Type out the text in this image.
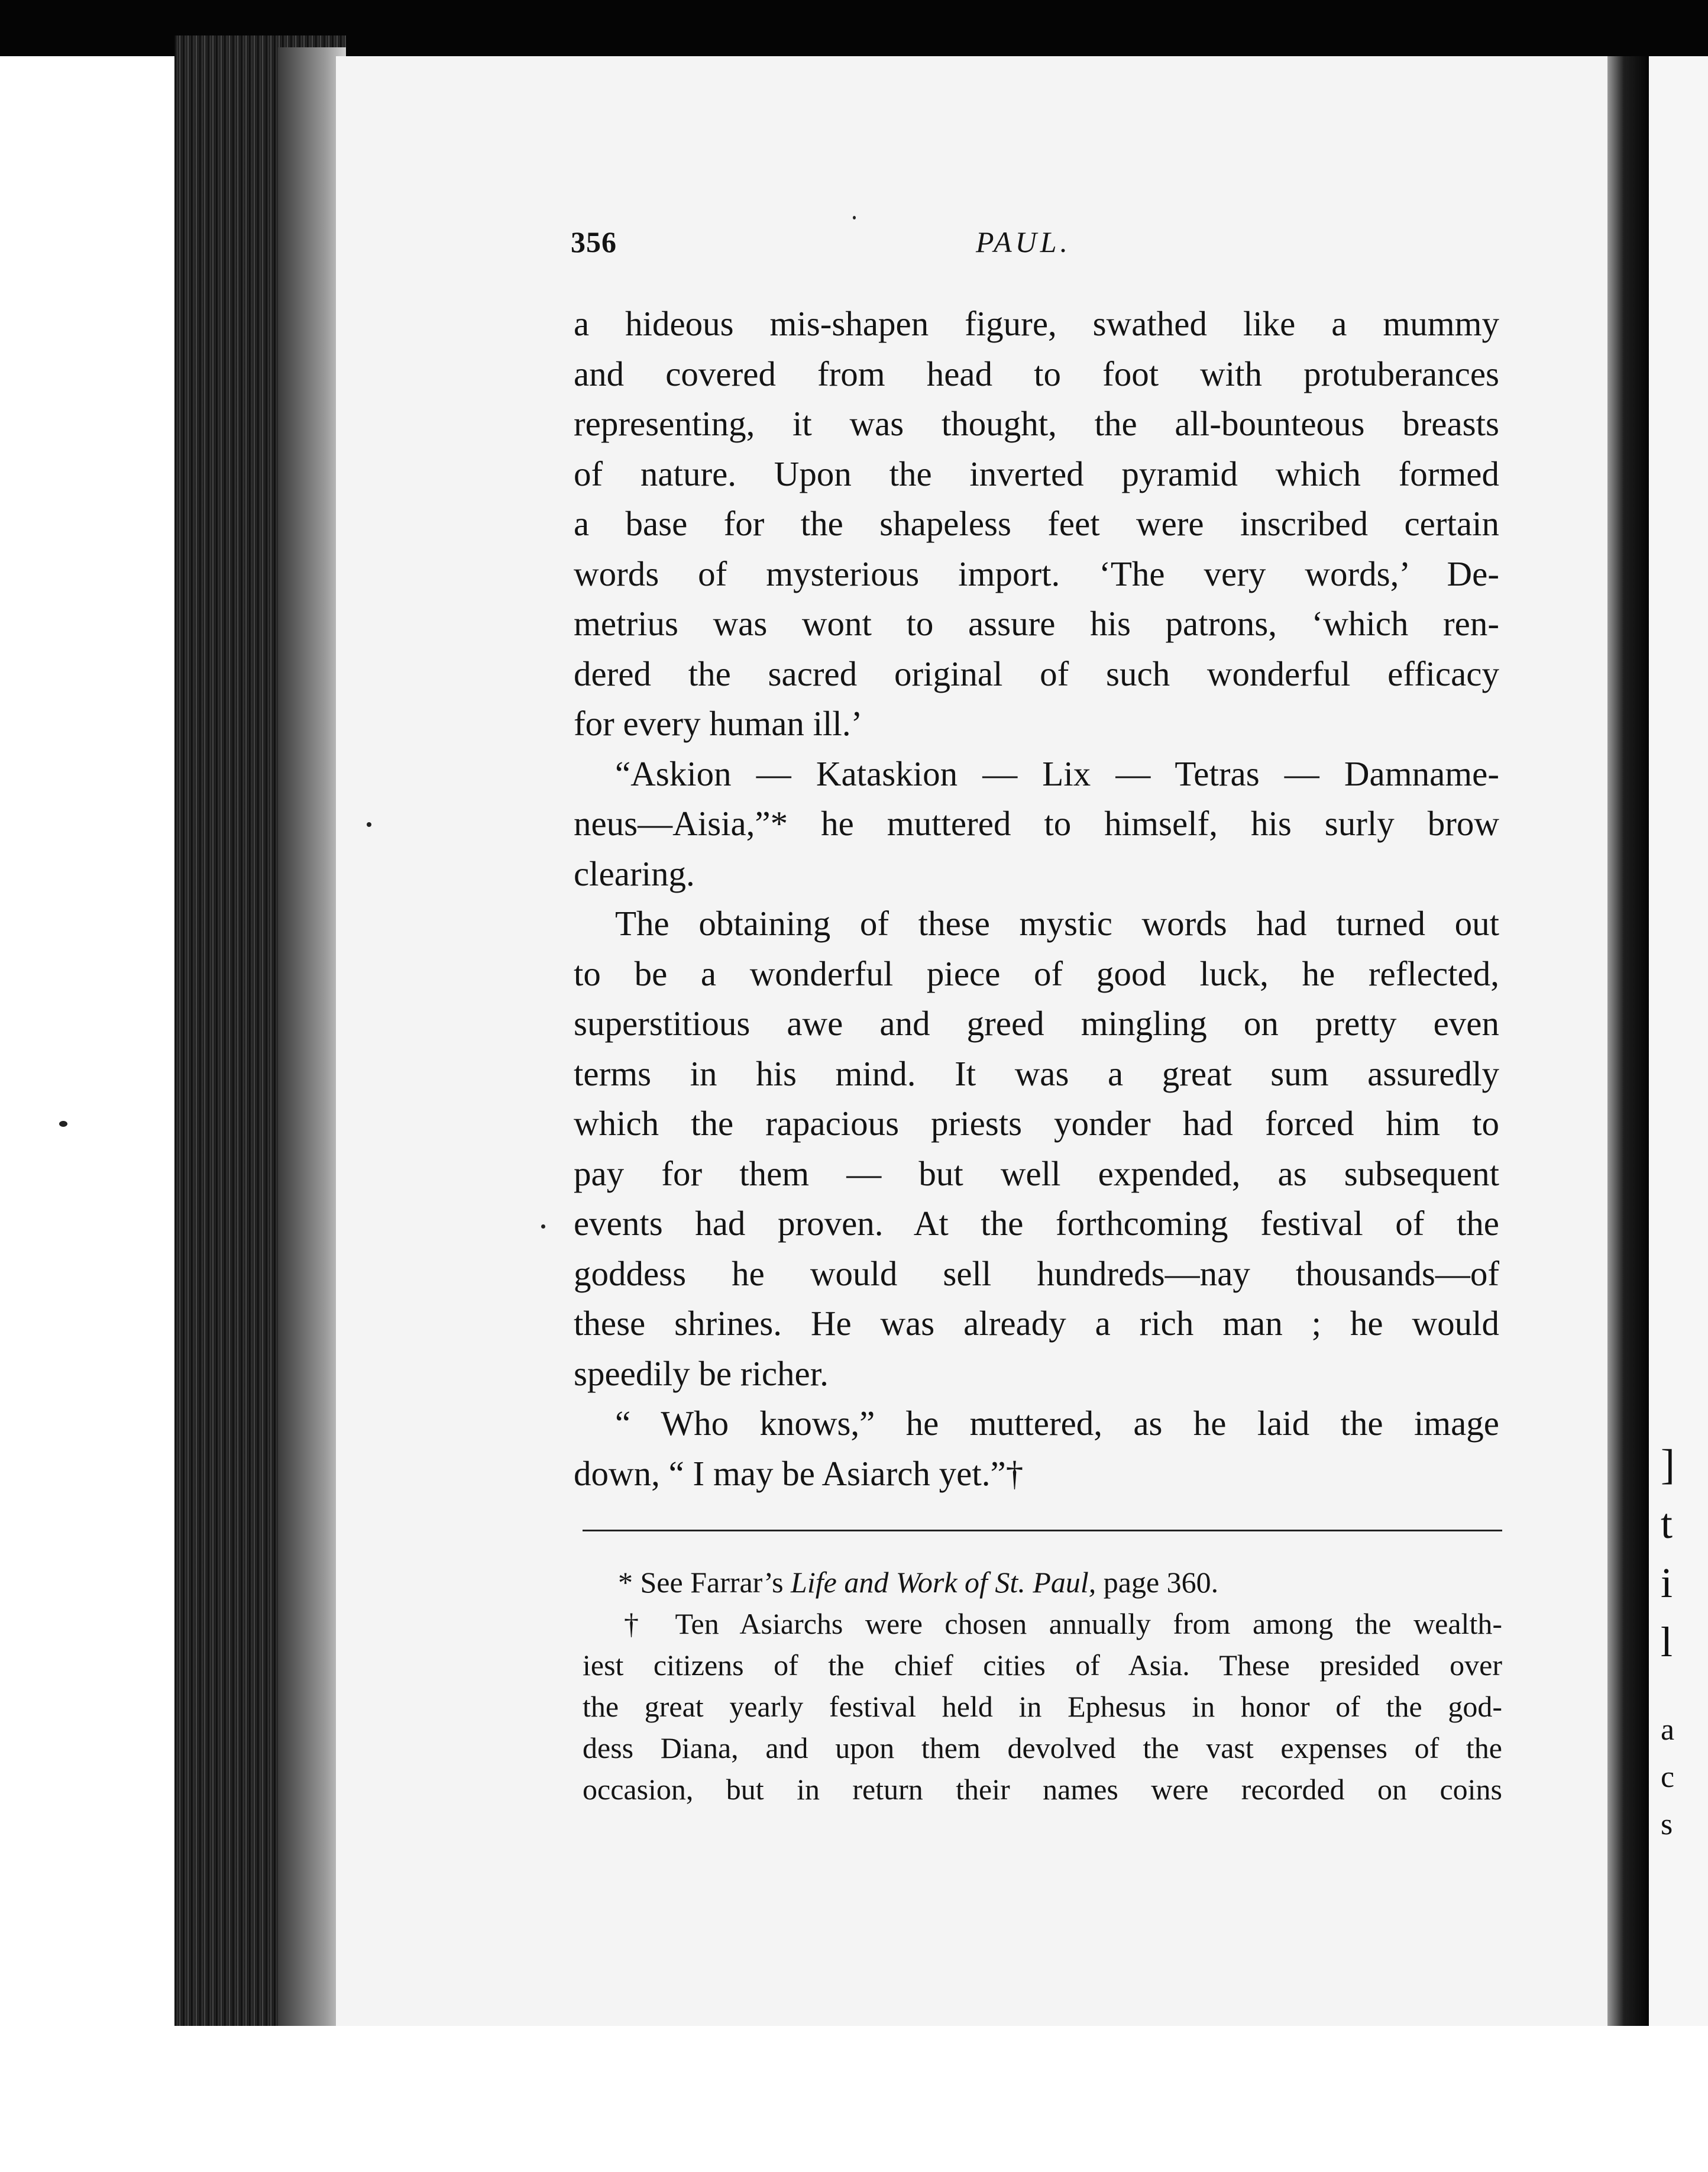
356	PAUL.
a hideous mis-shapen figure, swathed like a mummy
and covered from head to foot with protuberances
representing, it was thought, the all-bounteous breasts
of nature. Upon the inverted pyramid which formed
a base for the shapeless feet were inscribed certain
words of mysterious import. ‘The very words,’ De-
metrius was wont to assure his patrons, ‘which ren-
dered the sacred original of such wonderful efficacy
for every human ill.’
“Askion — Kataskion — Lix — Tetras — Damname-
neus—Aisia,”* he muttered to himself, his surly brow
clearing.
The obtaining of these mystic words had turned out
to be a wonderful piece of good luck, he reflected,
superstitious awe and greed mingling on pretty even
terms in his mind. It was a great sum assuredly
which the rapacious priests yonder had forced him to
pay for them — but well expended, as subsequent
events had proven. At the forthcoming festival of the
goddess he would sell hundreds—nay thousands—of
these shrines. He was already a rich man ; he would
speedily be richer.
“ Who knows,” he muttered, as he laid the image
down, “ I may be Asiarch yet.”†
* See Farrar’s Life and Work of St. Paul, page 360.
† Ten Asiarchs were chosen annually from among the wealth-
iest citizens of the chief cities of Asia. These presided over
the great yearly festival held in Ephesus in honor of the god-
dess Diana, and upon them devolved the vast expenses of the
occasion, but in return their names were recorded on coins
]
t
i
l
a
c
s
